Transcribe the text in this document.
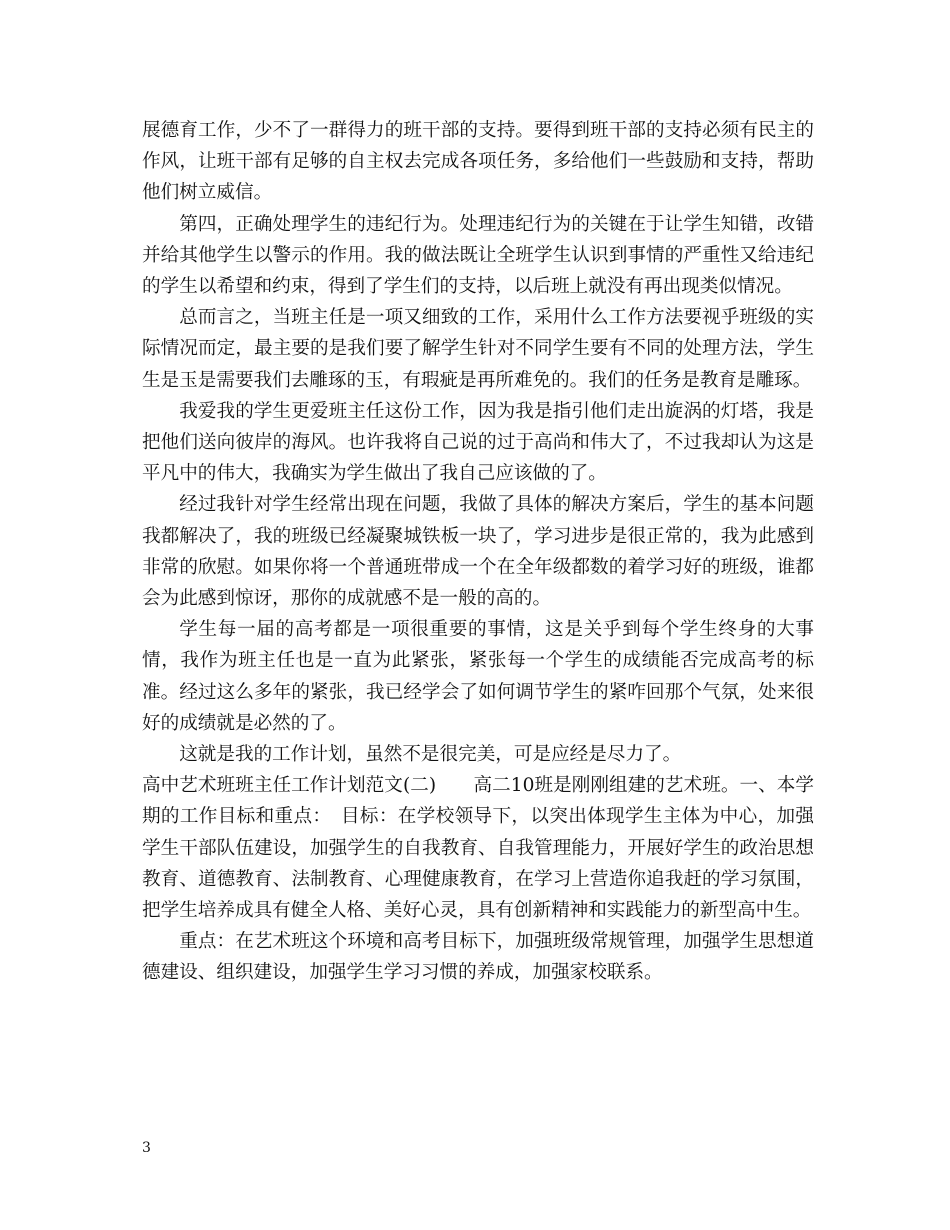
展德育工作，少不了一群得力的班干部的支持。要得到班干部的支持必须有民主的作风，让班干部有足够的自主权去完成各项任务，多给他们一些鼓励和支持，帮助他们树立威信。

第四，正确处理学生的违纪行为。处理违纪行为的关键在于让学生知错，改错并给其他学生以警示的作用。我的做法既让全班学生认识到事情的严重性又给违纪的学生以希望和约束，得到了学生们的支持，以后班上就没有再出现类似情况。

总而言之，当班主任是一项又细致的工作，采用什么工作方法要视乎班级的实际情况而定，最主要的是我们要了解学生针对不同学生要有不同的处理方法，学生生是玉是需要我们去雕琢的玉，有瑕疵是再所难免的。我们的任务是教育是雕琢。

我爱我的学生更爱班主任这份工作，因为我是指引他们走出旋涡的灯塔，我是把他们送向彼岸的海风。也许我将自己说的过于高尚和伟大了，不过我却认为这是平凡中的伟大，我确实为学生做出了我自己应该做的了。

经过我针对学生经常出现在问题，我做了具体的解决方案后，学生的基本问题我都解决了，我的班级已经凝聚城铁板一块了，学习进步是很正常的，我为此感到非常的欣慰。如果你将一个普通班带成一个在全年级都数的着学习好的班级，谁都会为此感到惊讶，那你的成就感不是一般的高的。

学生每一届的高考都是一项很重要的事情，这是关乎到每个学生终身的大事情，我作为班主任也是一直为此紧张，紧张每一个学生的成绩能否完成高考的标准。经过这么多年的紧张，我已经学会了如何调节学生的紧咋回那个气氛，处来很好的成绩就是必然的了。

这就是我的工作计划，虽然不是很完美，可是应经是尽力了。

高中艺术班班主任工作计划范文(二)　　高二10班是刚刚组建的艺术班。一、本学期的工作目标和重点：　目标：在学校领导下，以突出体现学生主体为中心，加强学生干部队伍建设，加强学生的自我教育、自我管理能力，开展好学生的政治思想教育、道德教育、法制教育、心理健康教育，在学习上营造你追我赶的学习氛围，把学生培养成具有健全人格、美好心灵，具有创新精神和实践能力的新型高中生。

重点：在艺术班这个环境和高考目标下，加强班级常规管理，加强学生思想道德建设、组织建设，加强学生学习习惯的养成，加强家校联系。

3
